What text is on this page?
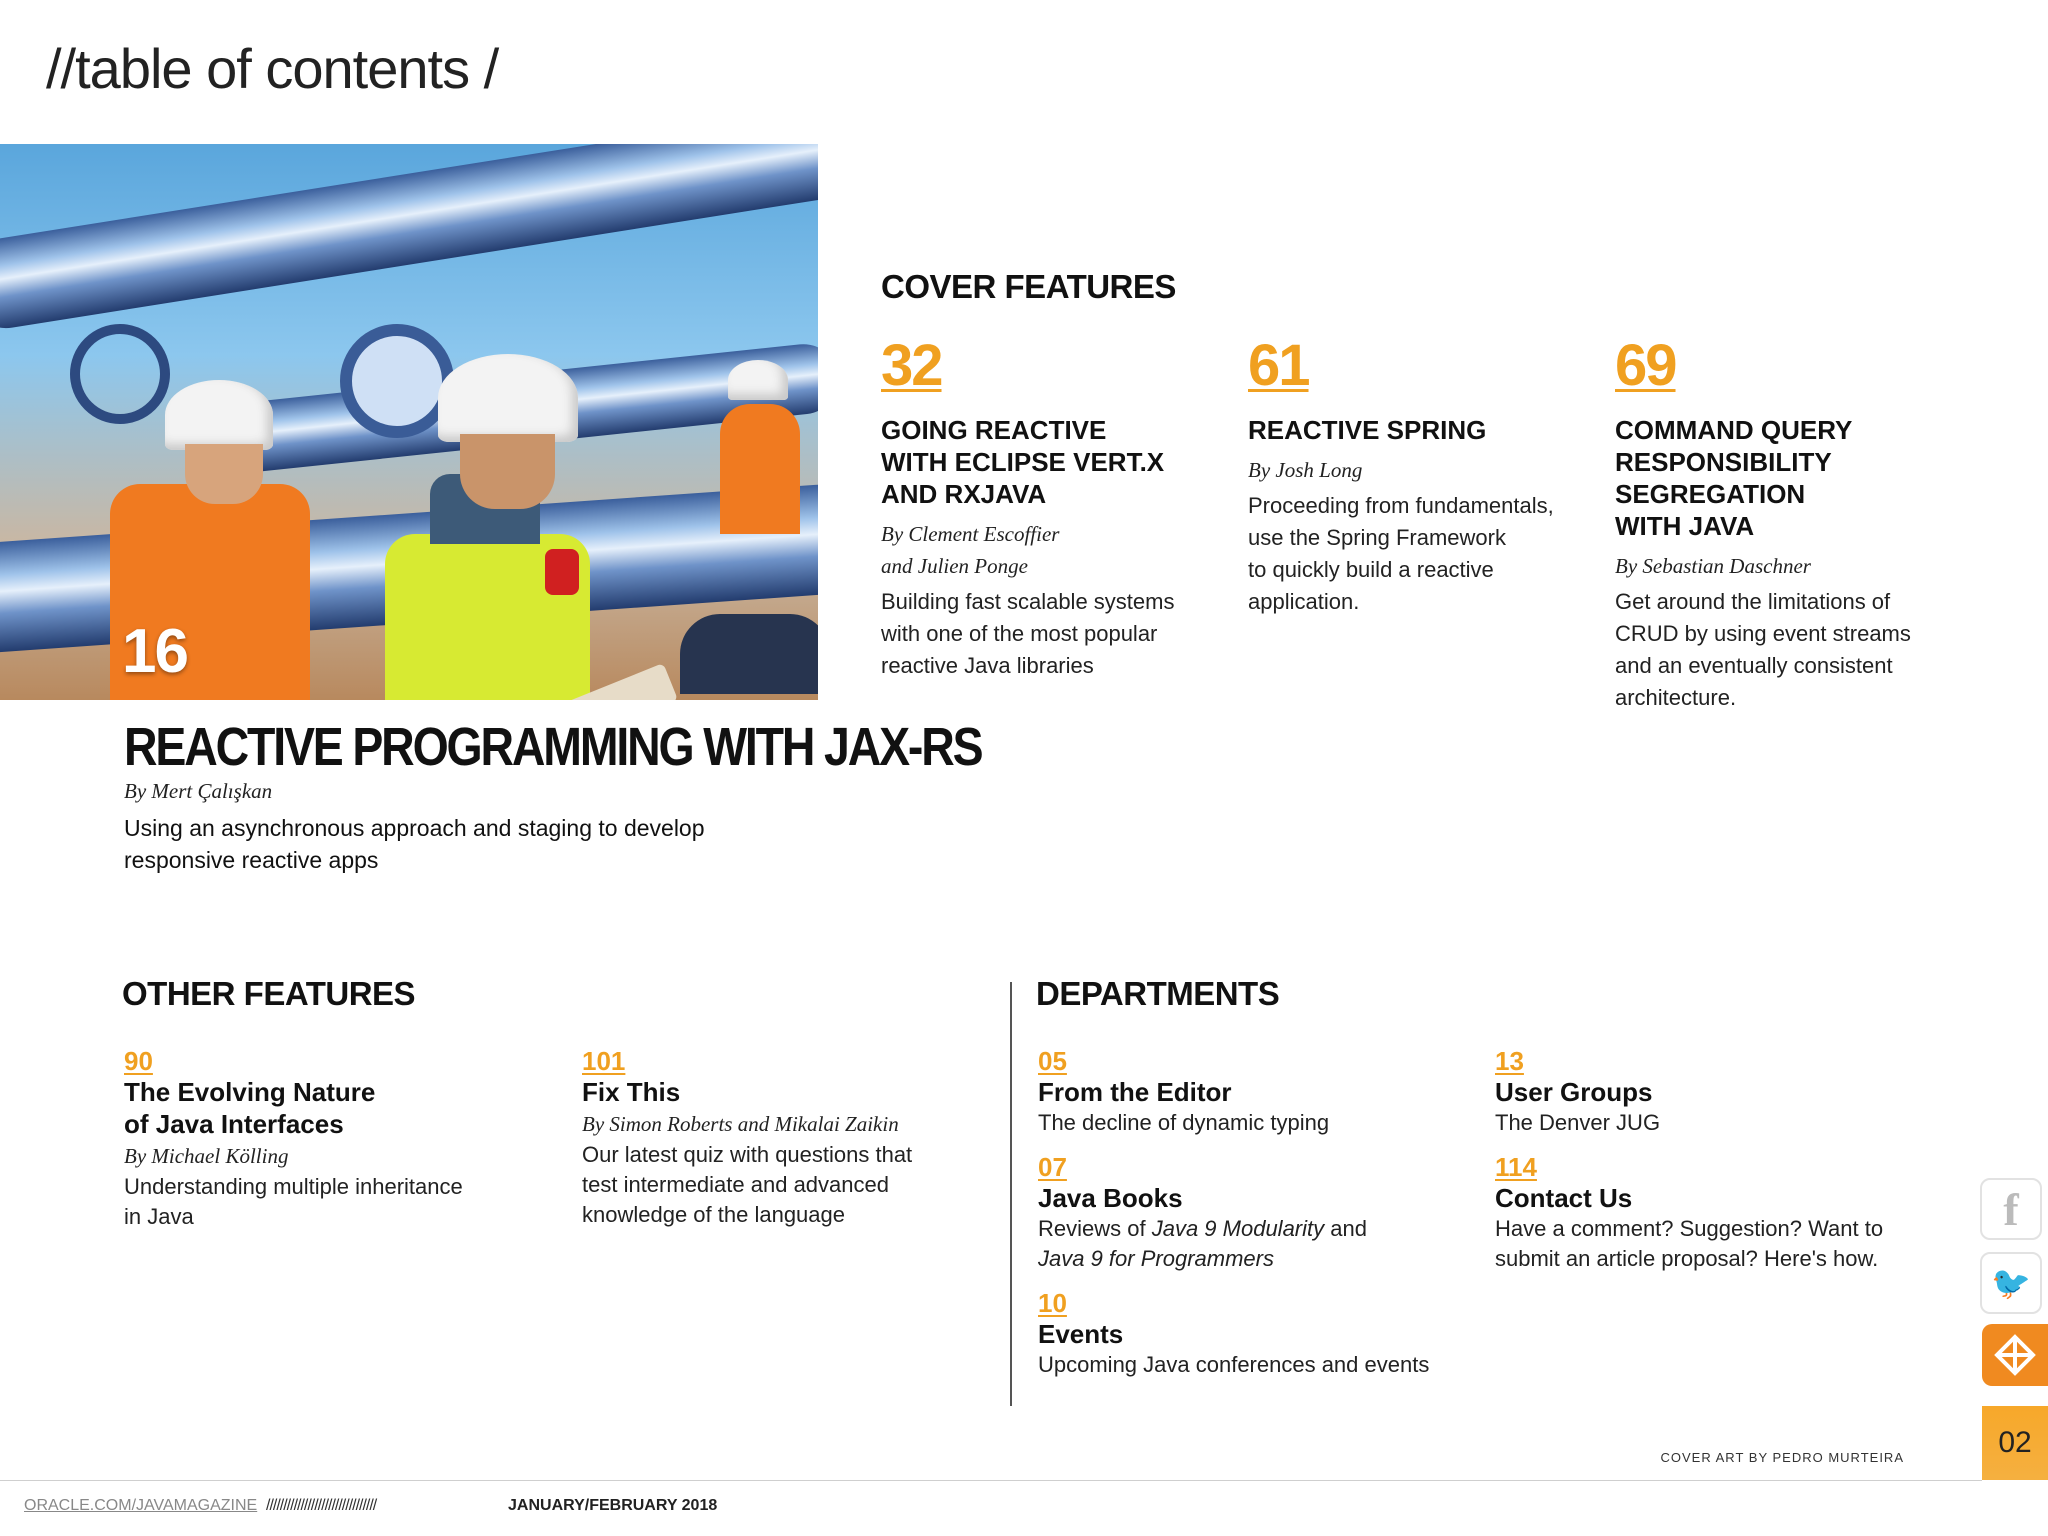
//table of contents /
16
REACTIVE PROGRAMMING WITH JAX-RS
By Mert Çalışkan
Using an asynchronous approach and staging to develop responsive reactive apps
COVER FEATURES
32
GOING REACTIVE
WITH ECLIPSE VERT.X
AND RXJAVA
By Clement Escoffier
and Julien Ponge
Building fast scalable systems
with one of the most popular
reactive Java libraries
61
REACTIVE SPRING
By Josh Long
Proceeding from fundamentals,
use the Spring Framework
to quickly build a reactive
application.
69
COMMAND QUERY
RESPONSIBILITY
SEGREGATION
WITH JAVA
By Sebastian Daschner
Get around the limitations of
CRUD by using event streams
and an eventually consistent
architecture.
OTHER FEATURES
90
The Evolving Nature
of Java Interfaces
By Michael Kölling
Understanding multiple inheritance
in Java
101
Fix This
By Simon Roberts and Mikalai Zaikin
Our latest quiz with questions that
test intermediate and advanced
knowledge of the language
DEPARTMENTS
05
From the Editor
The decline of dynamic typing
07
Java Books
Reviews of Java 9 Modularity and
Java 9 for Programmers
10
Events
Upcoming Java conferences and events
13
User Groups
The Denver JUG
114
Contact Us
Have a comment? Suggestion? Want to
submit an article proposal? Here's how.
COVER ART BY PEDRO MURTEIRA
ORACLE.COM/JAVAMAGAZINE ////////////////////////////////	JANUARY/FEBRUARY 2018
f
🐦
02
